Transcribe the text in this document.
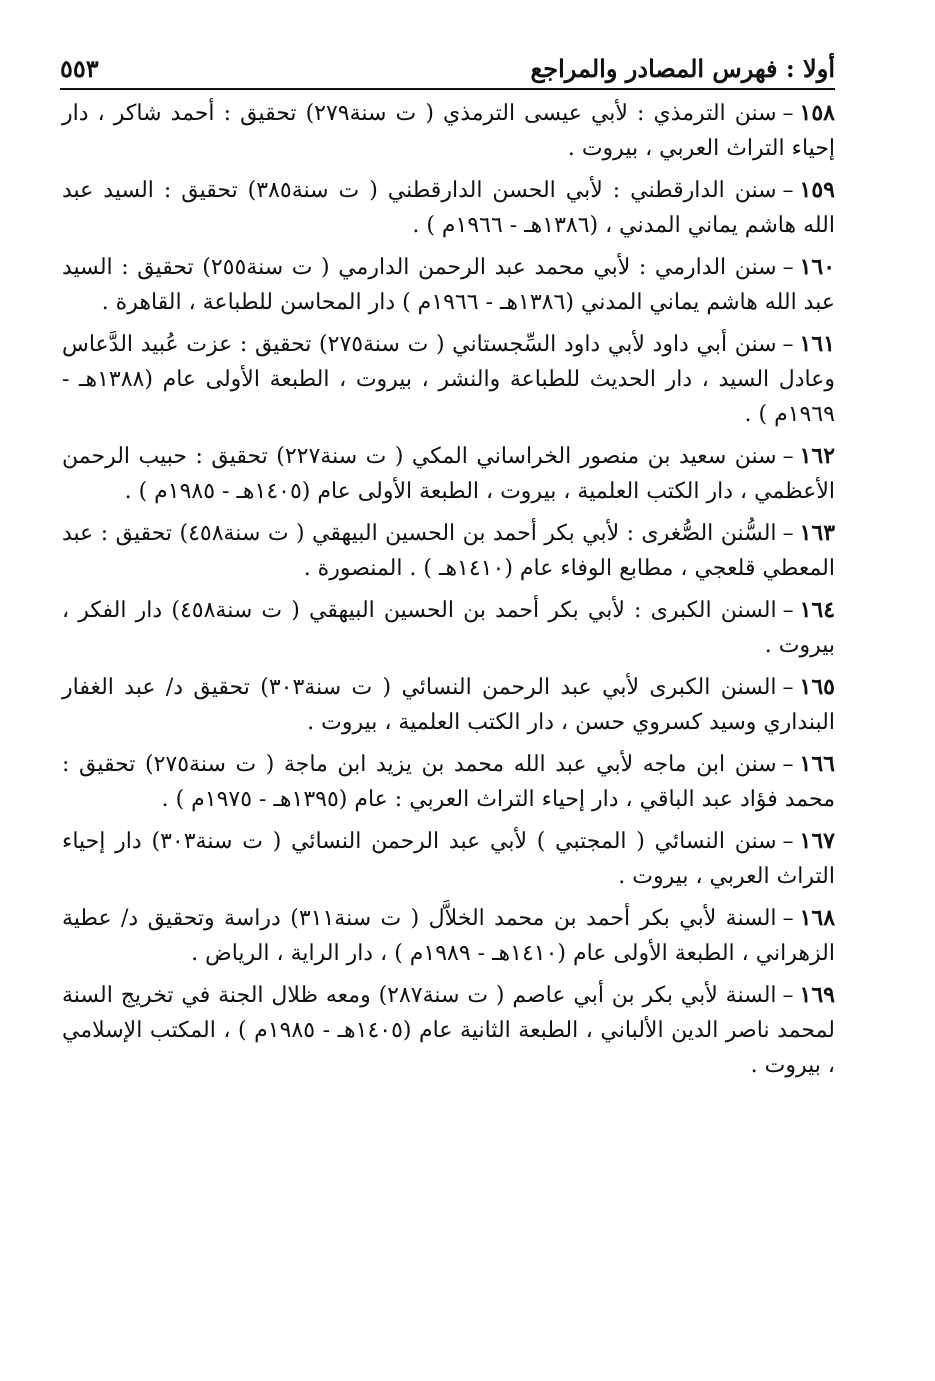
أولا : فهرس المصادر والمراجع
٥٥٣

١٥٨–سنن الترمذي : لأبي عيسى الترمذي ( ت سنة٢٧٩) تحقيق : أحمد شاكر ، دار إحياء التراث العربي ، بيروت .

١٥٩–سنن الدارقطني : لأبي الحسن الدارقطني ( ت سنة٣٨٥) تحقيق : السيد عبد الله هاشم يماني المدني ، (١٣٨٦هـ - ١٩٦٦م ) .

١٦٠–سنن الدارمي : لأبي محمد عبد الرحمن الدارمي ( ت سنة٢٥٥) تحقيق : السيد عبد الله هاشم يماني المدني (١٣٨٦هـ - ١٩٦٦م ) دار المحاسن للطباعة ، القاهرة .

١٦١–سنن أبي داود لأبي داود السِّجستاني ( ت سنة٢٧٥) تحقيق : عزت عُبيد الدَّعاس وعادل السيد ، دار الحديث للطباعة والنشر ، بيروت ، الطبعة الأولى عام (١٣٨٨هـ - ١٩٦٩م ) .

١٦٢–سنن سعيد بن منصور الخراساني المكي ( ت سنة٢٢٧) تحقيق : حبيب الرحمن الأعظمي ، دار الكتب العلمية ، بيروت ، الطبعة الأولى عام (١٤٠٥هـ - ١٩٨٥م ) .

١٦٣–السُّنن الصُّغرى : لأبي بكر أحمد بن الحسين البيهقي ( ت سنة٤٥٨) تحقيق : عبد المعطي قلعجي ، مطابع الوفاء عام (١٤١٠هـ ) . المنصورة .

١٦٤–السنن الكبرى : لأبي بكر أحمد بن الحسين البيهقي ( ت سنة٤٥٨) دار الفكر ، بيروت .

١٦٥–السنن الكبرى لأبي عبد الرحمن النسائي ( ت سنة٣٠٣) تحقيق د/ عبد الغفار البنداري وسيد كسروي حسن ، دار الكتب العلمية ، بيروت .

١٦٦–سنن ابن ماجه لأبي عبد الله محمد بن يزيد ابن ماجة ( ت سنة٢٧٥) تحقيق : محمد فؤاد عبد الباقي ، دار إحياء التراث العربي : عام (١٣٩٥هـ - ١٩٧٥م ) .

١٦٧–سنن النسائي ( المجتبي ) لأبي عبد الرحمن النسائي ( ت سنة٣٠٣) دار إحياء التراث العربي ، بيروت .

١٦٨–السنة لأبي بكر أحمد بن محمد الخلاَّل ( ت سنة٣١١) دراسة وتحقيق د/ عطية الزهراني ، الطبعة الأولى عام (١٤١٠هـ - ١٩٨٩م ) ، دار الراية ، الرياض .

١٦٩–السنة لأبي بكر بن أبي عاصم ( ت سنة٢٨٧) ومعه ظلال الجنة في تخريج السنة لمحمد ناصر الدين الألباني ، الطبعة الثانية عام (١٤٠٥هـ - ١٩٨٥م ) ، المكتب الإسلامي ، بيروت .
